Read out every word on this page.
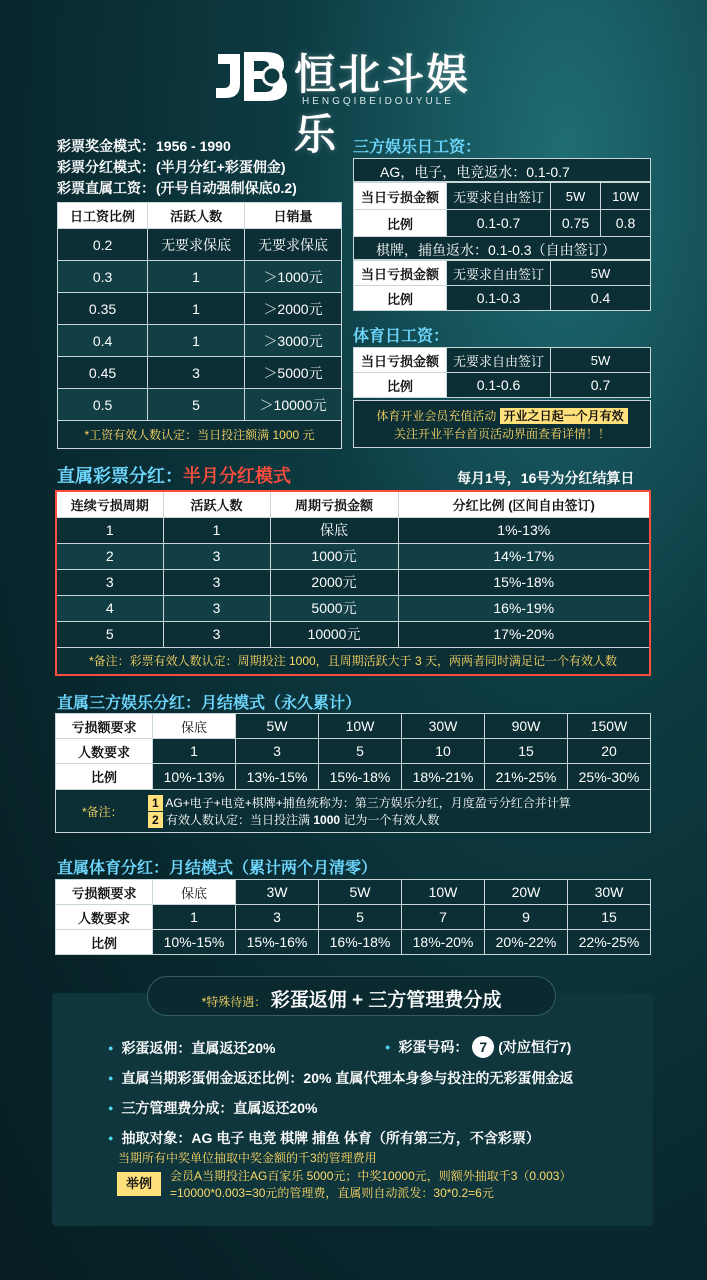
恒北斗娱乐
HENGQIBEIDOUYULE
彩票奖金模式：1956 - 1990
彩票分红模式：(半月分红+彩蛋佣金)
彩票直属工资：(开号自动强制保底0.2)
日工资比例	活跃人数	日销量
0.2	无要求保底	无要求保底
0.3	1	＞1000元
0.35	1	＞2000元
0.4	1	＞3000元
0.45	3	＞5000元
0.5	5	＞10000元
*工资有效人数认定：当日投注额满 1000 元		
三方娱乐日工资：
AG，电子，电竞返水：0.1-0.7
当日亏损金额	无要求自由签订	5W	10W
比例	0.1-0.7	0.75	0.8
棋牌，捕鱼返水：0.1-0.3（自由签订）
当日亏损金额	无要求自由签订	5W
比例	0.1-0.3	0.4
体育日工资：
当日亏损金额	无要求自由签订	5W
比例	0.1-0.6	0.7
体育开业会员充值活动 开业之日起一个月有效
关注开业平台首页活动界面查看详情！！
直属彩票分红：半月分红模式	每月1号，16号为分红结算日
连续亏损周期	活跃人数	周期亏损金额	分红比例 (区间自由签订)
1	1	保底	1%-13%
2	3	1000元	14%-17%
3	3	2000元	15%-18%
4	3	5000元	16%-19%
5	3	10000元	17%-20%
*备注：彩票有效人数认定：周期投注 1000，且周期活跃大于 3 天，两两者同时满足记一个有效人数			
直属三方娱乐分红：月结模式（永久累计）
亏损额要求	保底	5W	10W	30W	90W	150W
人数要求	1	3	5	10	15	20
比例	10%-13%	13%-15%	15%-18%	18%-21%	21%-25%	25%-30%
*备注：
1 AG+电子+电竞+棋牌+捕鱼统称为：第三方娱乐分红，月度盈亏分红合并计算
2 有效人数认定：当日投注满 1000 记为一个有效人数
直属体育分红：月结模式（累计两个月清零）
亏损额要求	保底	3W	5W	10W	20W	30W
人数要求	1	3	5	7	9	15
比例	10%-15%	15%-16%	16%-18%	18%-20%	20%-22%	22%-25%
*特殊待遇： 彩蛋返佣 + 三方管理费分成
● 彩蛋返佣：直属返还20%	● 彩蛋号码： 7 (对应恒行7)
● 直属当期彩蛋佣金返还比例：20% 直属代理本身参与投注的无彩蛋佣金返
● 三方管理费分成：直属返还20%
● 抽取对象：AG 电子 电竞 棋牌 捕鱼 体育（所有第三方，不含彩票）
当期所有中奖单位抽取中奖金额的千3的管理费用
举例	会员A当期投注AG百家乐 5000元；中奖10000元，则额外抽取千3（0.003）
=10000*0.003=30元的管理费，直属则自动派发：30*0.2=6元
